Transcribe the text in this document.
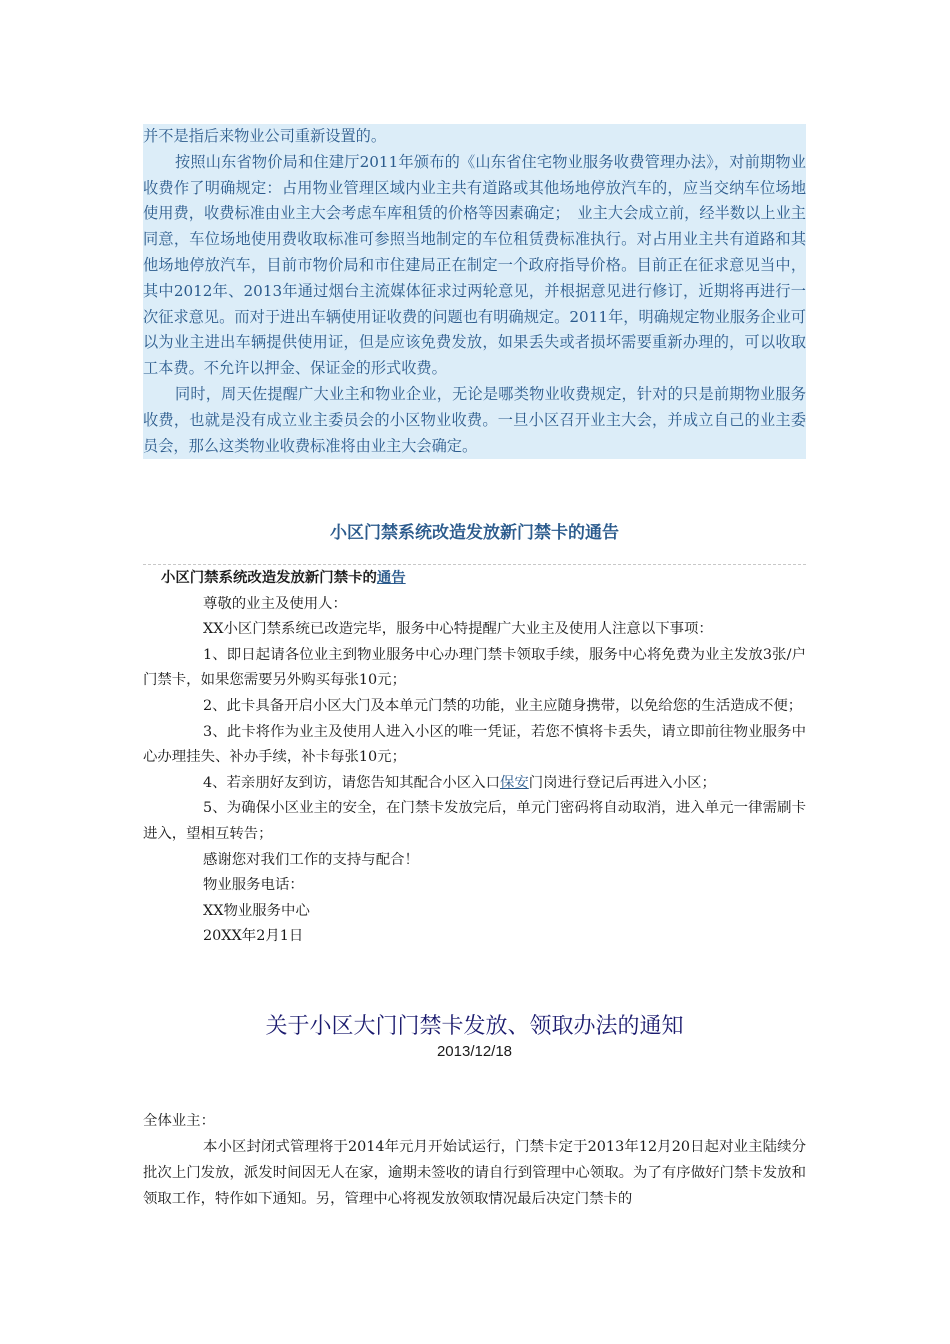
并不是指后来物业公司重新设置的。

按照山东省物价局和住建厅2011年颁布的《山东省住宅物业服务收费管理办法》，对前期物业收费作了明确规定：占用物业管理区域内业主共有道路或其他场地停放汽车的，应当交纳车位场地使用费，收费标准由业主大会考虑车库租赁的价格等因素确定；　业主大会成立前，经半数以上业主同意，车位场地使用费收取标准可参照当地制定的车位租赁费标准执行。对占用业主共有道路和其他场地停放汽车，目前市物价局和市住建局正在制定一个政府指导价格。目前正在征求意见当中，其中2012年、2013年通过烟台主流媒体征求过两轮意见，并根据意见进行修订，近期将再进行一次征求意见。而对于进出车辆使用证收费的问题也有明确规定。2011年，明确规定物业服务企业可以为业主进出车辆提供使用证，但是应该免费发放，如果丢失或者损坏需要重新办理的，可以收取工本费。不允许以押金、保证金的形式收费。

同时，周天佐提醒广大业主和物业企业，无论是哪类物业收费规定，针对的只是前期物业服务收费，也就是没有成立业主委员会的小区物业收费。一旦小区召开业主大会，并成立自己的业主委员会，那么这类物业收费标准将由业主大会确定。

小区门禁系统改造发放新门禁卡的通告

小区门禁系统改造发放新门禁卡的通告

尊敬的业主及使用人：

XX小区门禁系统已改造完毕，服务中心特提醒广大业主及使用人注意以下事项：

1、即日起请各位业主到物业服务中心办理门禁卡领取手续，服务中心将免费为业主发放3张/户门禁卡，如果您需要另外购买每张10元；

2、此卡具备开启小区大门及本单元门禁的功能，业主应随身携带，以免给您的生活造成不便；

3、此卡将作为业主及使用人进入小区的唯一凭证，若您不慎将卡丢失，请立即前往物业服务中心办理挂失、补办手续，补卡每张10元；

4、若亲朋好友到访，请您告知其配合小区入口保安门岗进行登记后再进入小区；

5、为确保小区业主的安全，在门禁卡发放完后，单元门密码将自动取消，进入单元一律需刷卡进入，望相互转告；

感谢您对我们工作的支持与配合！

物业服务电话：

XX物业服务中心

20XX年2月1日

关于小区大门门禁卡发放、领取办法的通知
2013/12/18

全体业主：

本小区封闭式管理将于2014年元月开始试运行，门禁卡定于2013年12月20日起对业主陆续分批次上门发放，派发时间因无人在家，逾期未签收的请自行到管理中心领取。为了有序做好门禁卡发放和领取工作，特作如下通知。另，管理中心将视发放领取情况最后决定门禁卡的
